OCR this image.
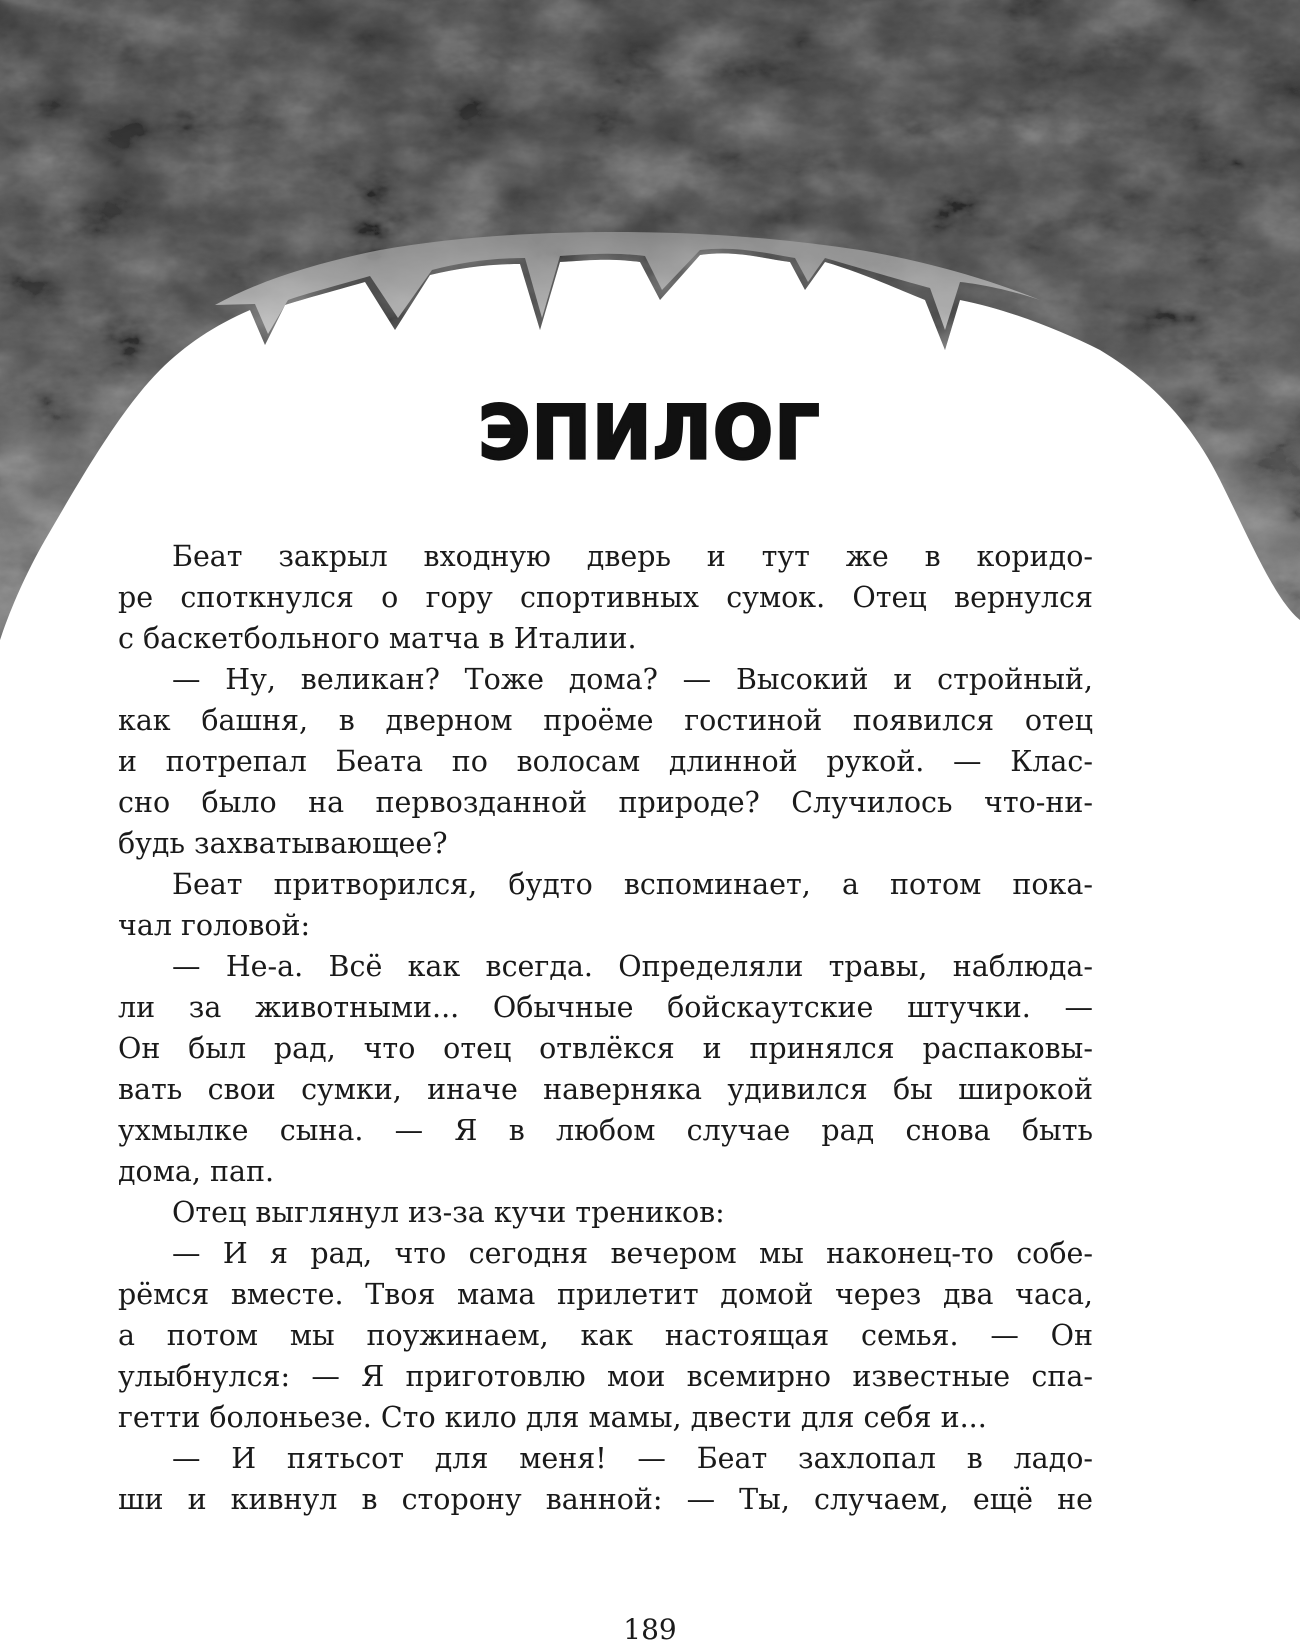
ЭПИЛОГ
Беат закрыл входную дверь и тут же в коридо-
ре споткнулся о гору спортивных сумок. Отец вернулся
с баскетбольного матча в Италии.
— Ну, великан? Тоже дома? — Высокий и стройный,
как башня, в дверном проёме гостиной появился отец
и потрепал Беата по волосам длинной рукой. — Клас-
сно было на первозданной природе? Случилось что-ни-
будь захватывающее?
Беат притворился, будто вспоминает, а потом пока-
чал головой:
— Не-а. Всё как всегда. Определяли травы, наблюда-
ли за животными... Обычные бойскаутские штучки. —
Он был рад, что отец отвлёкся и принялся распаковы-
вать свои сумки, иначе наверняка удивился бы широкой
ухмылке сына. — Я в любом случае рад снова быть
дома, пап.
Отец выглянул из-за кучи треников:
— И я рад, что сегодня вечером мы наконец-то собе-
рёмся вместе. Твоя мама прилетит домой через два часа,
а потом мы поужинаем, как настоящая семья. — Он
улыбнулся: — Я приготовлю мои всемирно известные спа-
гетти болоньезе. Сто кило для мамы, двести для себя и...
— И пятьсот для меня! — Беат захлопал в ладо-
ши и кивнул в сторону ванной: — Ты, случаем, ещё не
189
